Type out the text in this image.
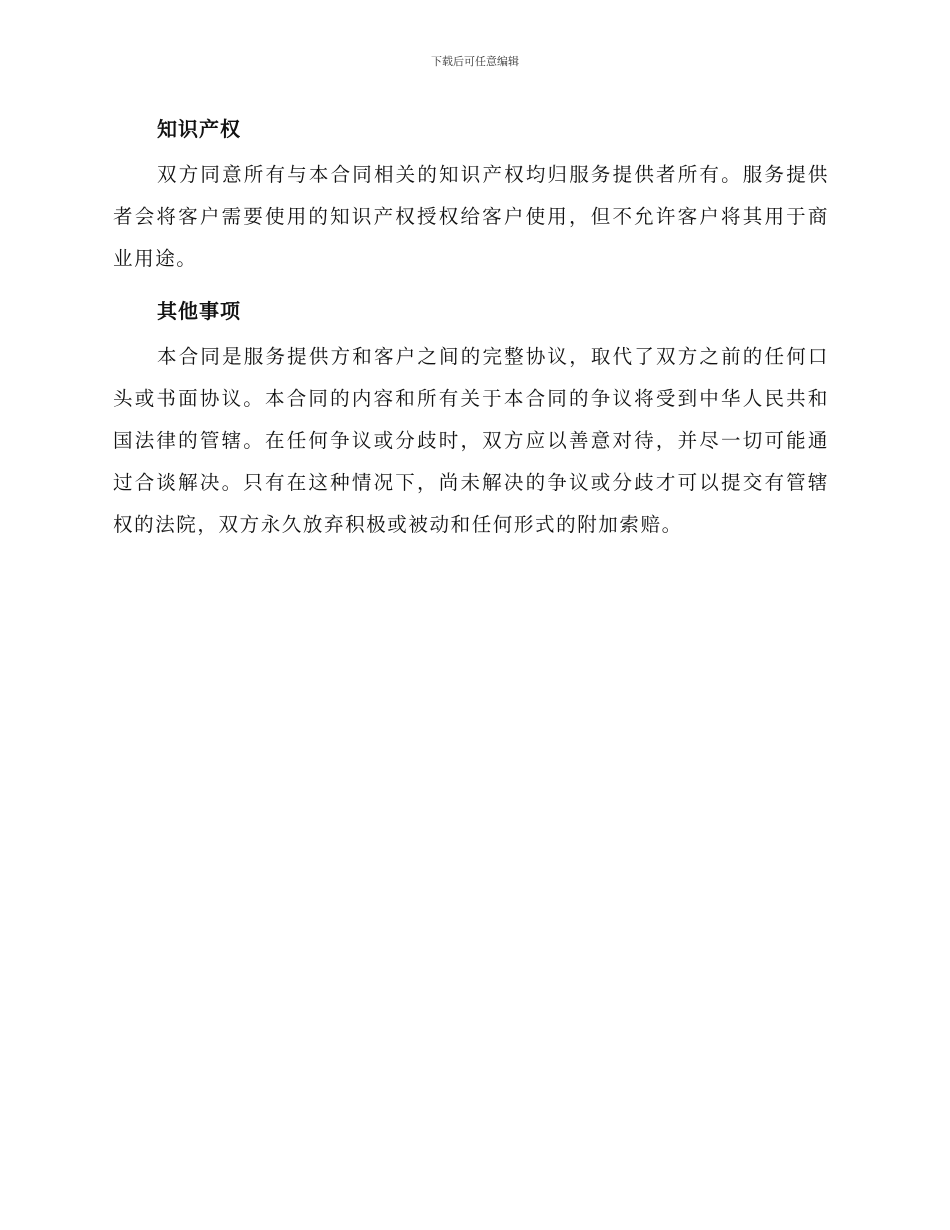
下载后可任意编辑
知识产权

双方同意所有与本合同相关的知识产权均归服务提供者所有。服务提供者会将客户需要使用的知识产权授权给客户使用，但不允许客户将其用于商业用途。

其他事项

本合同是服务提供方和客户之间的完整协议，取代了双方之前的任何口头或书面协议。本合同的内容和所有关于本合同的争议将受到中华人民共和国法律的管辖。在任何争议或分歧时，双方应以善意对待，并尽一切可能通过合谈解决。只有在这种情况下，尚未解决的争议或分歧才可以提交有管辖权的法院，双方永久放弃积极或被动和任何形式的附加索赔。
